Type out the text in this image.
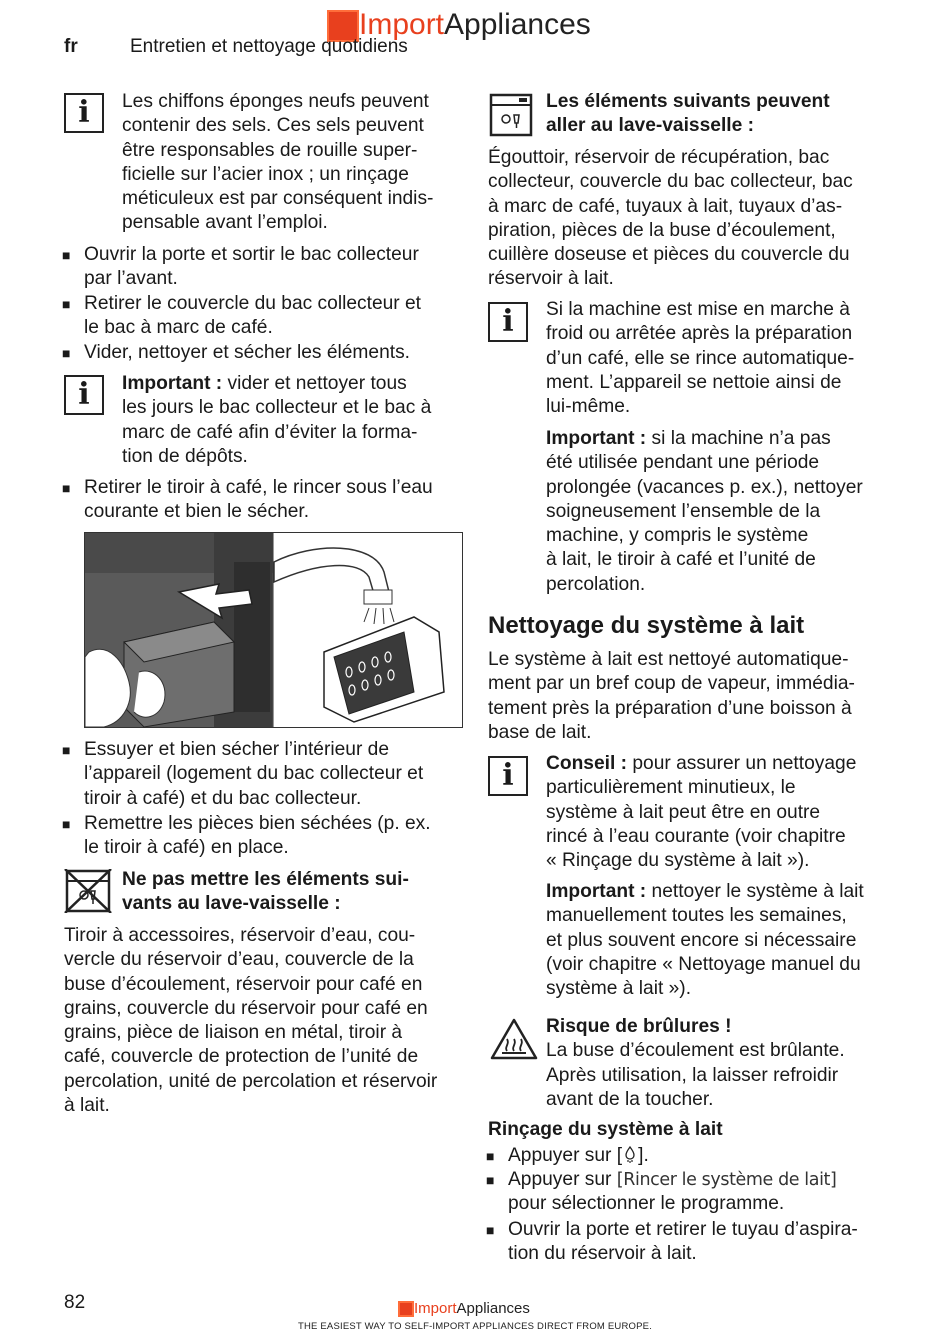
ImportAppliances
fr	Entretien et nettoyage quotidiens
i Les chiffons éponges neufs peuvent
contenir des sels. Ces sels peuvent
être responsables de rouille super-
ficielle sur l’acier inox ; un rinçage
méticuleux est par conséquent indis-
pensable avant l’emploi.
■ Ouvrir la porte et sortir le bac collecteur
par l’avant.
■ Retirer le couvercle du bac collecteur et
le bac à marc de café.
■ Vider, nettoyer et sécher les éléments.
i Important : vider et nettoyer tous
les jours le bac collecteur et le bac à
marc de café afin d’éviter la forma-
tion de dépôts.
■ Retirer le tiroir à café, le rincer sous l’eau
courante et bien le sécher.
■ Essuyer et bien sécher l’intérieur de
l’appareil (logement du bac collecteur et
tiroir à café) et du bac collecteur.
■ Remettre les pièces bien séchées (p. ex.
le tiroir à café) en place.
Ne pas mettre les éléments sui-
vants au lave-vaisselle :
Tiroir à accessoires, réservoir d’eau, cou-
vercle du réservoir d’eau, couvercle de la
buse d’écoulement, réservoir pour café en
grains, couvercle du réservoir pour café en
grains, pièce de liaison en métal, tiroir à
café, couvercle de protection de l’unité de
percolation, unité de percolation et réservoir
à lait.
Les éléments suivants peuvent
aller au lave-vaisselle :
Égouttoir, réservoir de récupération, bac
collecteur, couvercle du bac collecteur, bac
à marc de café, tuyaux à lait, tuyaux d’as-
piration, pièces de la buse d’écoulement,
cuillère doseuse et pièces du couvercle du
réservoir à lait.
i Si la machine est mise en marche à
froid ou arrêtée après la préparation
d’un café, elle se rince automatique-
ment. L’appareil se nettoie ainsi de
lui-même.
Important : si la machine n’a pas
été utilisée pendant une période
prolongée (vacances p. ex.), nettoyer
soigneusement l’ensemble de la
machine, y compris le système
à lait, le tiroir à café et l’unité de
percolation.
Nettoyage du système à lait
Le système à lait est nettoyé automatique-
ment par un bref coup de vapeur, immédia-
tement près la préparation d’une boisson à
base de lait.
i Conseil : pour assurer un nettoyage
particulièrement minutieux, le
système à lait peut être en outre
rincé à l’eau courante (voir chapitre
« Rinçage du système à lait »).
Important : nettoyer le système à lait
manuellement toutes les semaines,
et plus souvent encore si nécessaire
(voir chapitre « Nettoyage manuel du
système à lait »).
Risque de brûlures !
La buse d’écoulement est brûlante.
Après utilisation, la laisser refroidir
avant de la toucher.
Rinçage du système à lait
■ Appuyer sur [ ].
■ Appuyer sur [Rincer le système de lait]
pour sélectionner le programme.
■ Ouvrir la porte et retirer le tuyau d’aspira-
tion du réservoir à lait.
82	ImportAppliances
THE EASIEST WAY TO SELF-IMPORT APPLIANCES DIRECT FROM EUROPE.
